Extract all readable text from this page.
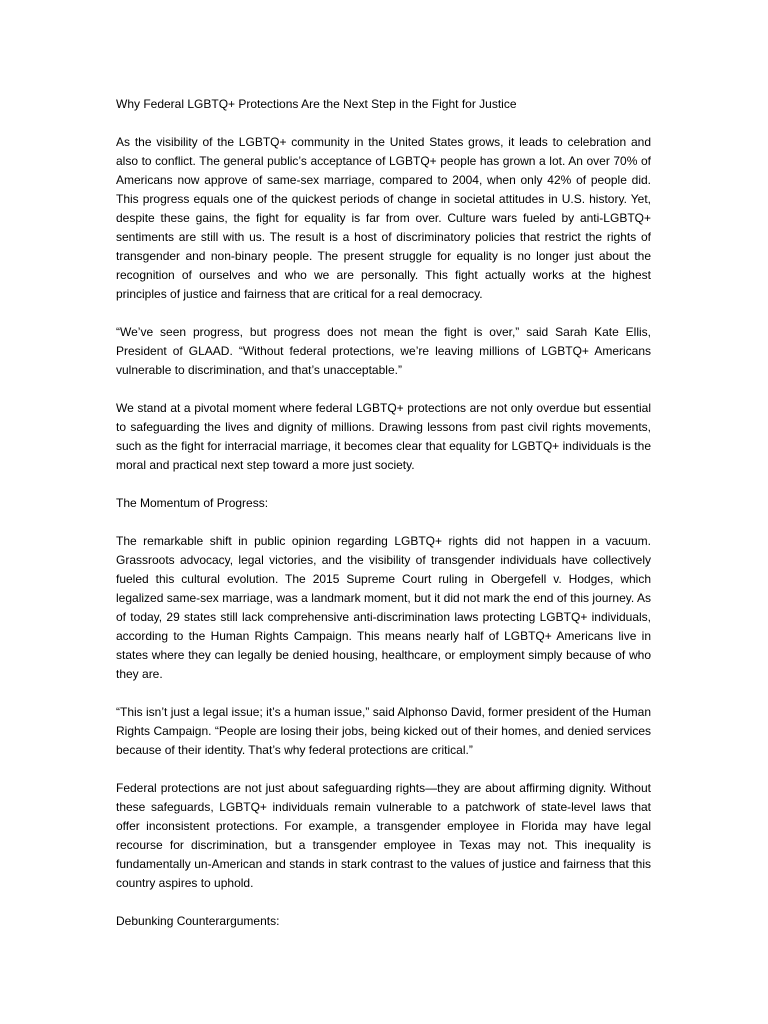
Why Federal LGBTQ+ Protections Are the Next Step in the Fight for Justice

As the visibility of the LGBTQ+ community in the United States grows, it leads to celebration and also to conflict. The general public’s acceptance of LGBTQ+ people has grown a lot. An over 70% of Americans now approve of same-sex marriage, compared to 2004, when only 42% of people did. This progress equals one of the quickest periods of change in societal attitudes in U.S. history. Yet, despite these gains, the fight for equality is far from over. Culture wars fueled by anti-LGBTQ+ sentiments are still with us. The result is a host of discriminatory policies that restrict the rights of transgender and non-binary people. The present struggle for equality is no longer just about the recognition of ourselves and who we are personally. This fight actually works at the highest principles of justice and fairness that are critical for a real democracy.

“We’ve seen progress, but progress does not mean the fight is over,” said Sarah Kate Ellis, President of GLAAD. “Without federal protections, we’re leaving millions of LGBTQ+ Americans vulnerable to discrimination, and that’s unacceptable.”

We stand at a pivotal moment where federal LGBTQ+ protections are not only overdue but essential to safeguarding the lives and dignity of millions. Drawing lessons from past civil rights movements, such as the fight for interracial marriage, it becomes clear that equality for LGBTQ+ individuals is the moral and practical next step toward a more just society.

The Momentum of Progress:

The remarkable shift in public opinion regarding LGBTQ+ rights did not happen in a vacuum. Grassroots advocacy, legal victories, and the visibility of transgender individuals have collectively fueled this cultural evolution. The 2015 Supreme Court ruling in Obergefell v. Hodges, which legalized same-sex marriage, was a landmark moment, but it did not mark the end of this journey. As of today, 29 states still lack comprehensive anti-discrimination laws protecting LGBTQ+ individuals, according to the Human Rights Campaign. This means nearly half of LGBTQ+ Americans live in states where they can legally be denied housing, healthcare, or employment simply because of who they are.

“This isn’t just a legal issue; it’s a human issue,” said Alphonso David, former president of the Human Rights Campaign. “People are losing their jobs, being kicked out of their homes, and denied services because of their identity. That’s why federal protections are critical.”

Federal protections are not just about safeguarding rights—they are about affirming dignity. Without these safeguards, LGBTQ+ individuals remain vulnerable to a patchwork of state-level laws that offer inconsistent protections. For example, a transgender employee in Florida may have legal recourse for discrimination, but a transgender employee in Texas may not. This inequality is fundamentally un-American and stands in stark contrast to the values of justice and fairness that this country aspires to uphold.

Debunking Counterarguments:
